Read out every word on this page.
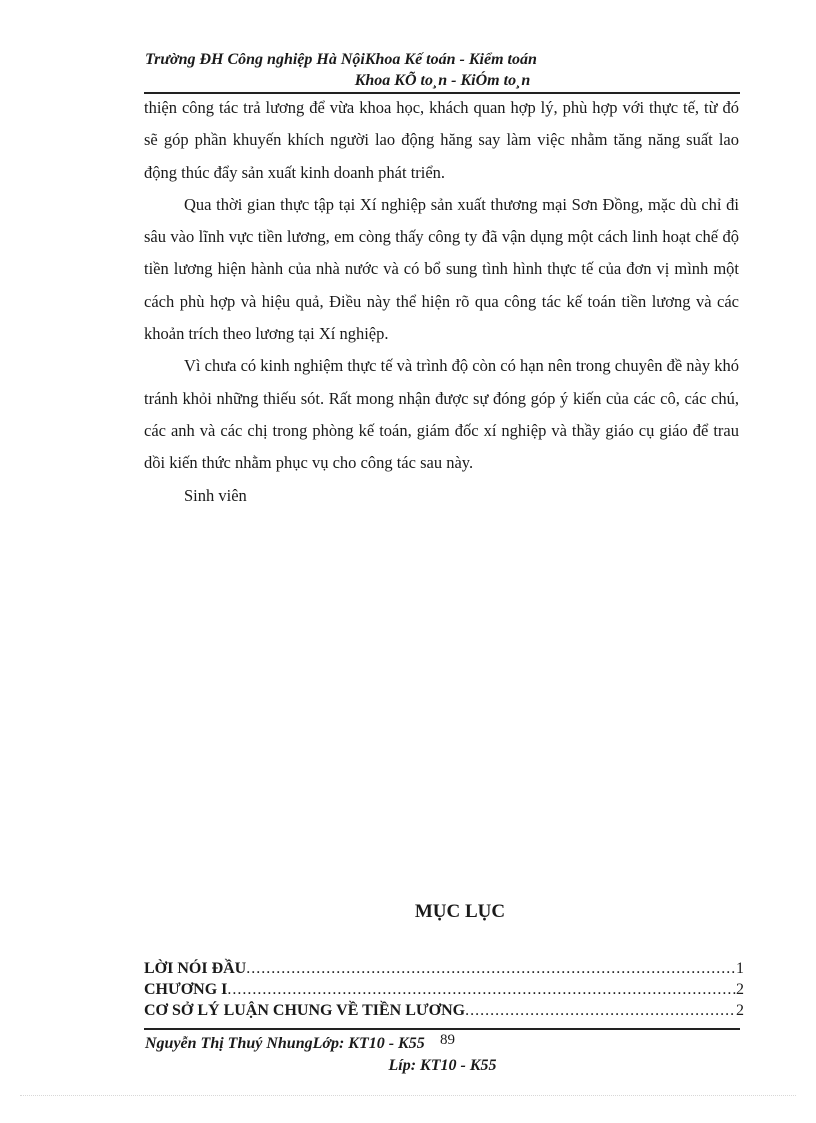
Trường ĐH Công nghiệp Hà NộiKhoa Kế toán - Kiểm toán
Khoa KÕ to¸n - KiÓm to¸n

thiện công tác trả lương để vừa khoa học, khách quan hợp lý, phù hợp với thực tế, từ đó sẽ góp phần khuyến khích người lao động hăng say làm việc nhằm tăng năng suất lao động thúc đẩy sản xuất kinh doanh phát triển.

Qua thời gian thực tập tại Xí nghiệp sản xuất thương mại Sơn Đồng, mặc dù chỉ đi sâu vào lĩnh vực tiền lương, em còng thấy công ty đã vận dụng một cách linh hoạt chế độ tiền lương hiện hành của nhà nước và có bổ sung tình hình thực tế của đơn vị mình một cách phù hợp và hiệu quả, Điều này thể hiện rõ qua công tác kế toán tiền lương và các khoản trích theo lương tại Xí nghiệp.

Vì chưa có kinh nghiệm thực tế và trình độ còn có hạn nên trong chuyên đề này khó tránh khỏi những thiếu sót. Rất mong nhận được sự đóng góp ý kiến của các cô, các chú, các anh và các chị trong phòng kế toán, giám đốc xí nghiệp và thầy giáo cụ giáo để trau dồi kiến thức nhằm phục vụ cho công tác sau này.

Sinh viên

MỤC LỤC
LỜI NÓI ĐẦU .....	1
CHƯƠNG I .....	2
CƠ SỞ LÝ LUẬN CHUNG VỀ TIỀN LƯƠNG .....	2
Nguyễn Thị Thuý NhungLớp: KT10 - K55	89
Líp: KT10 - K55
